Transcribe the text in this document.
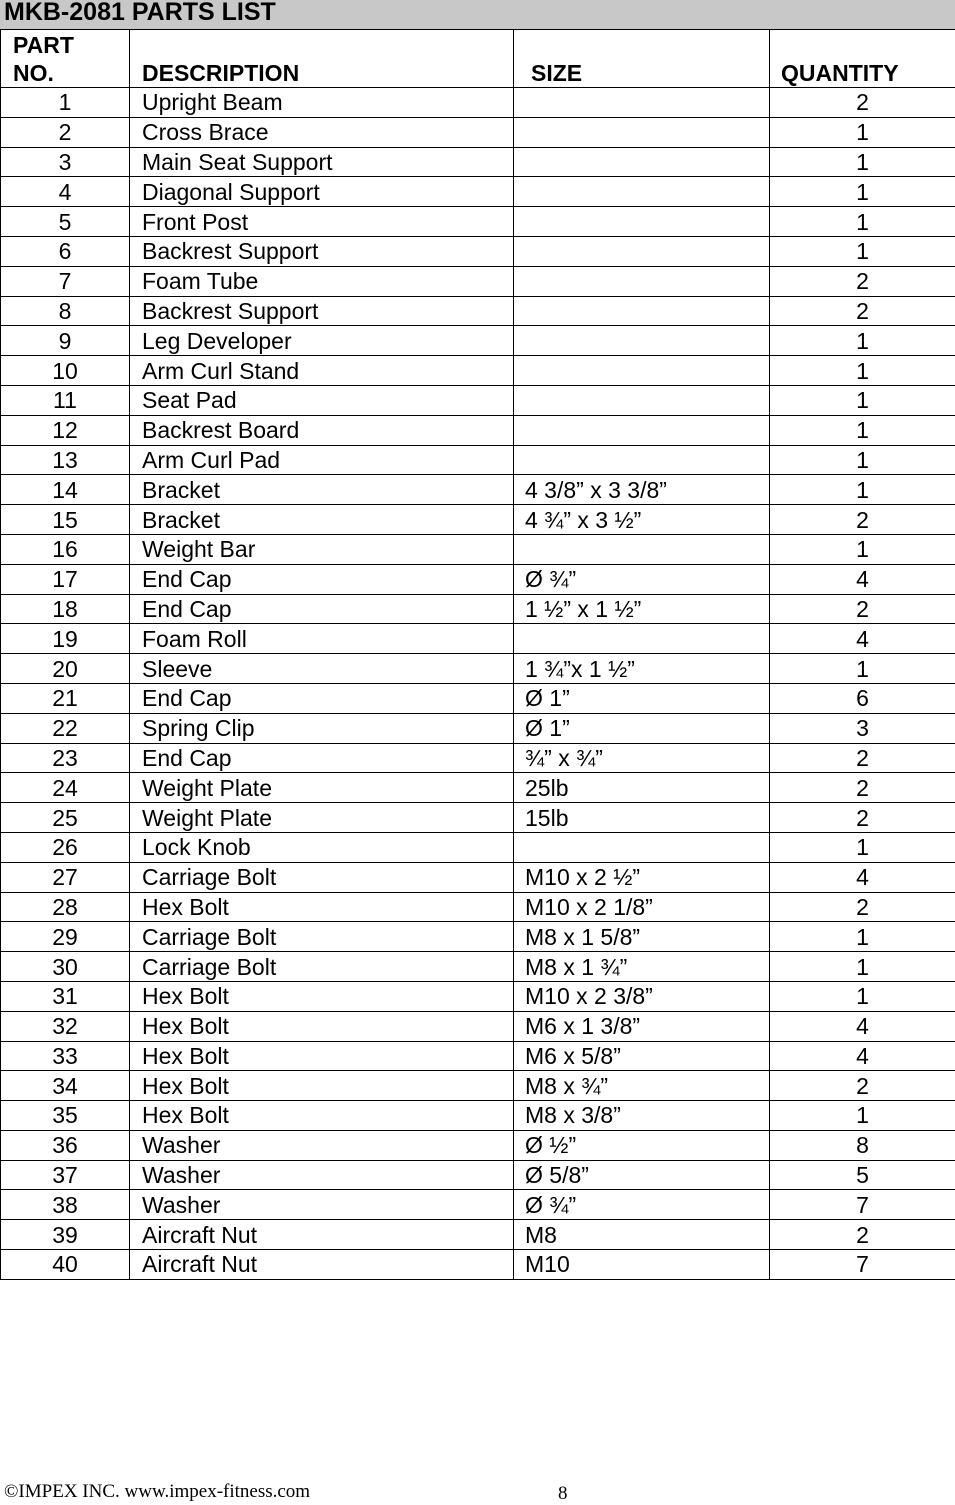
MKB-2081 PARTS LIST
PART
NO.	DESCRIPTION	SIZE	QUANTITY
1	Upright Beam		2
2	Cross Brace		1
3	Main Seat Support		1
4	Diagonal Support		1
5	Front Post		1
6	Backrest Support		1
7	Foam Tube		2
8	Backrest Support		2
9	Leg Developer		1
10	Arm Curl Stand		1
11	Seat Pad		1
12	Backrest Board		1
13	Arm Curl Pad		1
14	Bracket	4 3/8” x 3 3/8”	1
15	Bracket	4 ¾” x 3 ½”	2
16	Weight Bar		1
17	End Cap	Ø ¾”	4
18	End Cap	1 ½” x 1 ½”	2
19	Foam Roll		4
20	Sleeve	1 ¾”x 1 ½”	1
21	End Cap	Ø 1”	6
22	Spring Clip	Ø 1”	3
23	End Cap	¾” x ¾”	2
24	Weight Plate	25lb	2
25	Weight Plate	15lb	2
26	Lock Knob		1
27	Carriage Bolt	M10 x 2 ½”	4
28	Hex Bolt	M10 x 2 1/8”	2
29	Carriage Bolt	M8 x 1 5/8”	1
30	Carriage Bolt	M8 x 1 ¾”	1
31	Hex Bolt	M10 x 2 3/8”	1
32	Hex Bolt	M6 x 1 3/8”	4
33	Hex Bolt	M6 x 5/8”	4
34	Hex Bolt	M8 x ¾”	2
35	Hex Bolt	M8 x 3/8”	1
36	Washer	Ø ½”	8
37	Washer	Ø 5/8”	5
38	Washer	Ø ¾”	7
39	Aircraft Nut	M8	2
40	Aircraft Nut	M10	7
©IMPEX INC. www.impex-fitness.com	8
